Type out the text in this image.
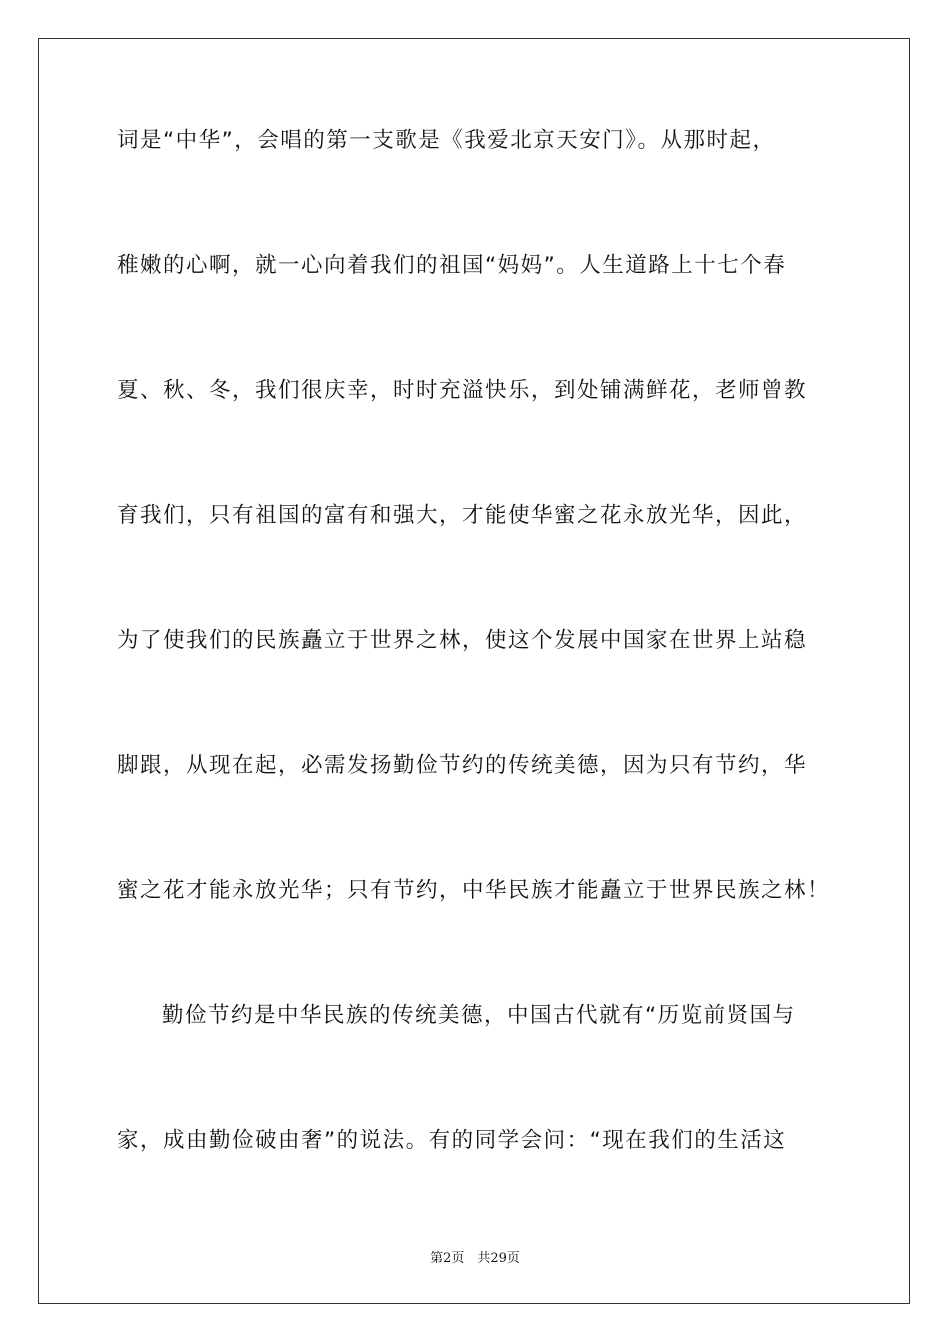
词是“中华”，会唱的第一支歌是《我爱北京天安门》。从那时起，
稚嫩的心啊，就一心向着我们的祖国“妈妈”。人生道路上十七个春
夏、秋、冬，我们很庆幸，时时充溢快乐，到处铺满鲜花，老师曾教
育我们，只有祖国的富有和强大，才能使华蜜之花永放光华，因此，
为了使我们的民族矗立于世界之林，使这个发展中国家在世界上站稳
脚跟，从现在起，必需发扬勤俭节约的传统美德，因为只有节约，华
蜜之花才能永放光华；只有节约，中华民族才能矗立于世界民族之林！
勤俭节约是中华民族的传统美德，中国古代就有“历览前贤国与
家，成由勤俭破由奢”的说法。有的同学会问：“现在我们的生活这
第2页　共29页
